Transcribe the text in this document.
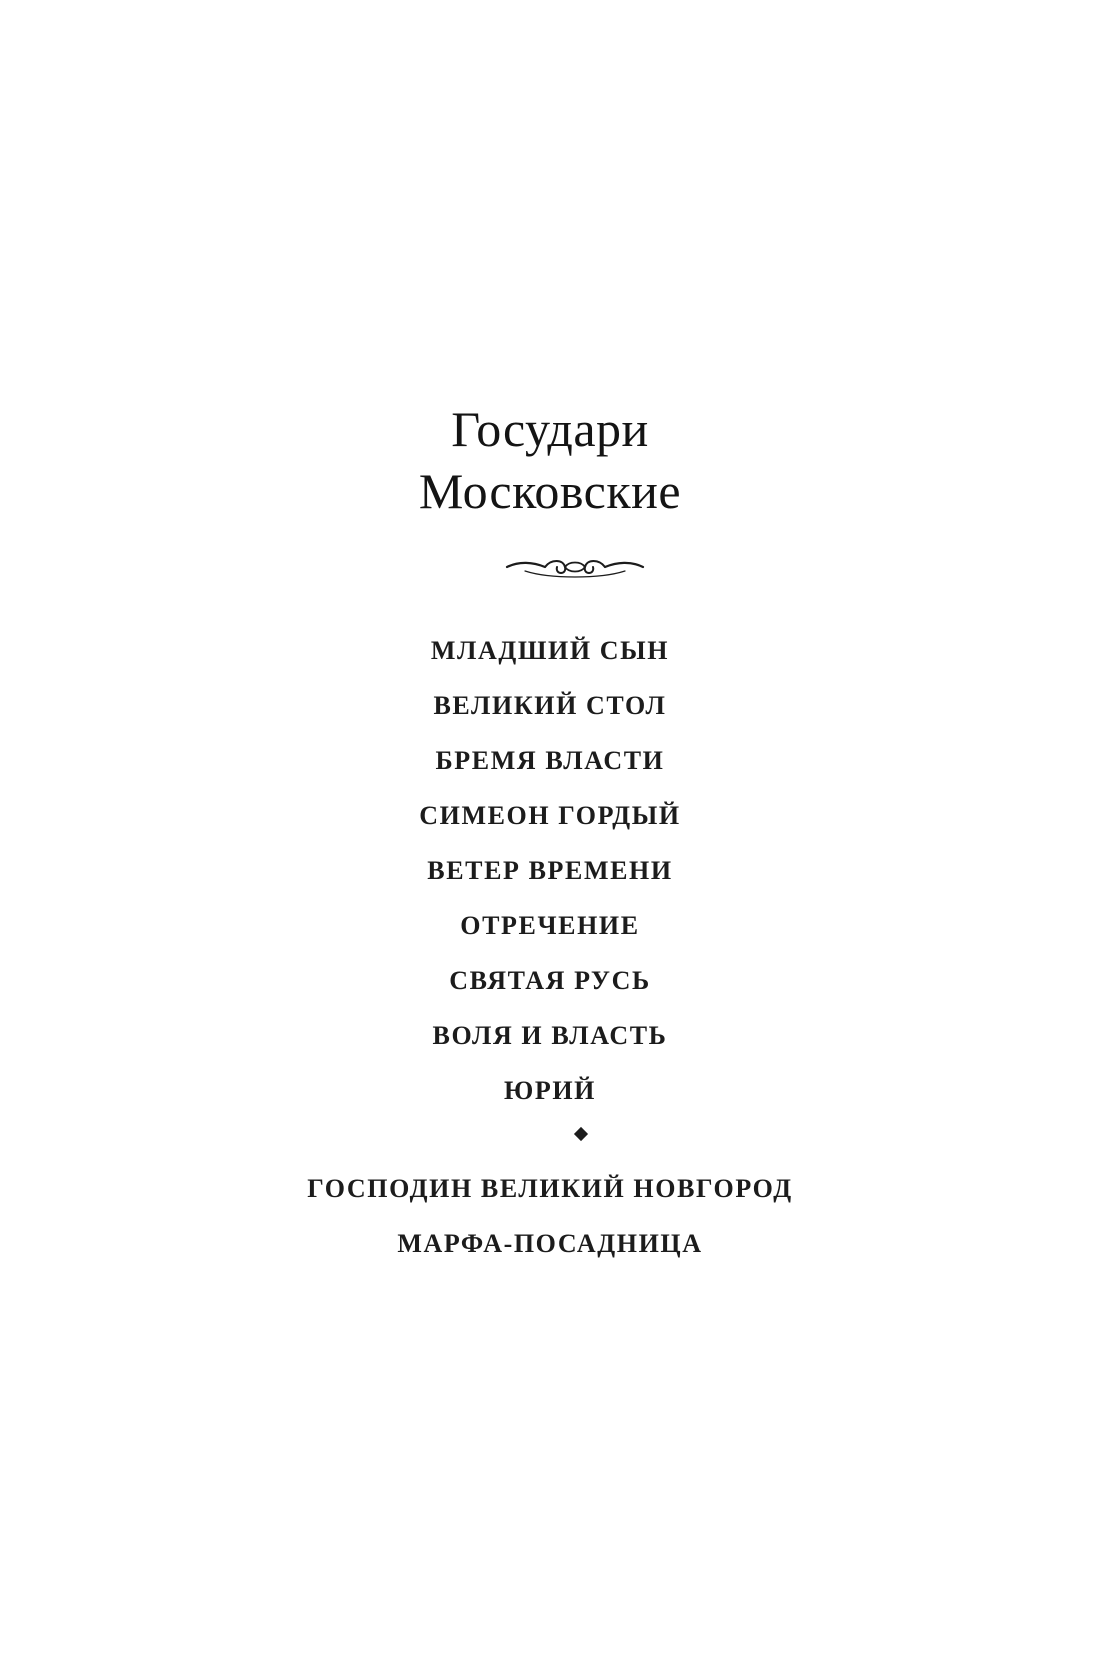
Государи
Московские
МЛАДШИЙ СЫН
ВЕЛИКИЙ СТОЛ
БРЕМЯ ВЛАСТИ
СИМЕОН ГОРДЫЙ
ВЕТЕР ВРЕМЕНИ
ОТРЕЧЕНИЕ
СВЯТАЯ РУСЬ
ВОЛЯ И ВЛАСТЬ
ЮРИЙ
ГОСПОДИН ВЕЛИКИЙ НОВГОРОД
МАРФА-ПОСАДНИЦА
